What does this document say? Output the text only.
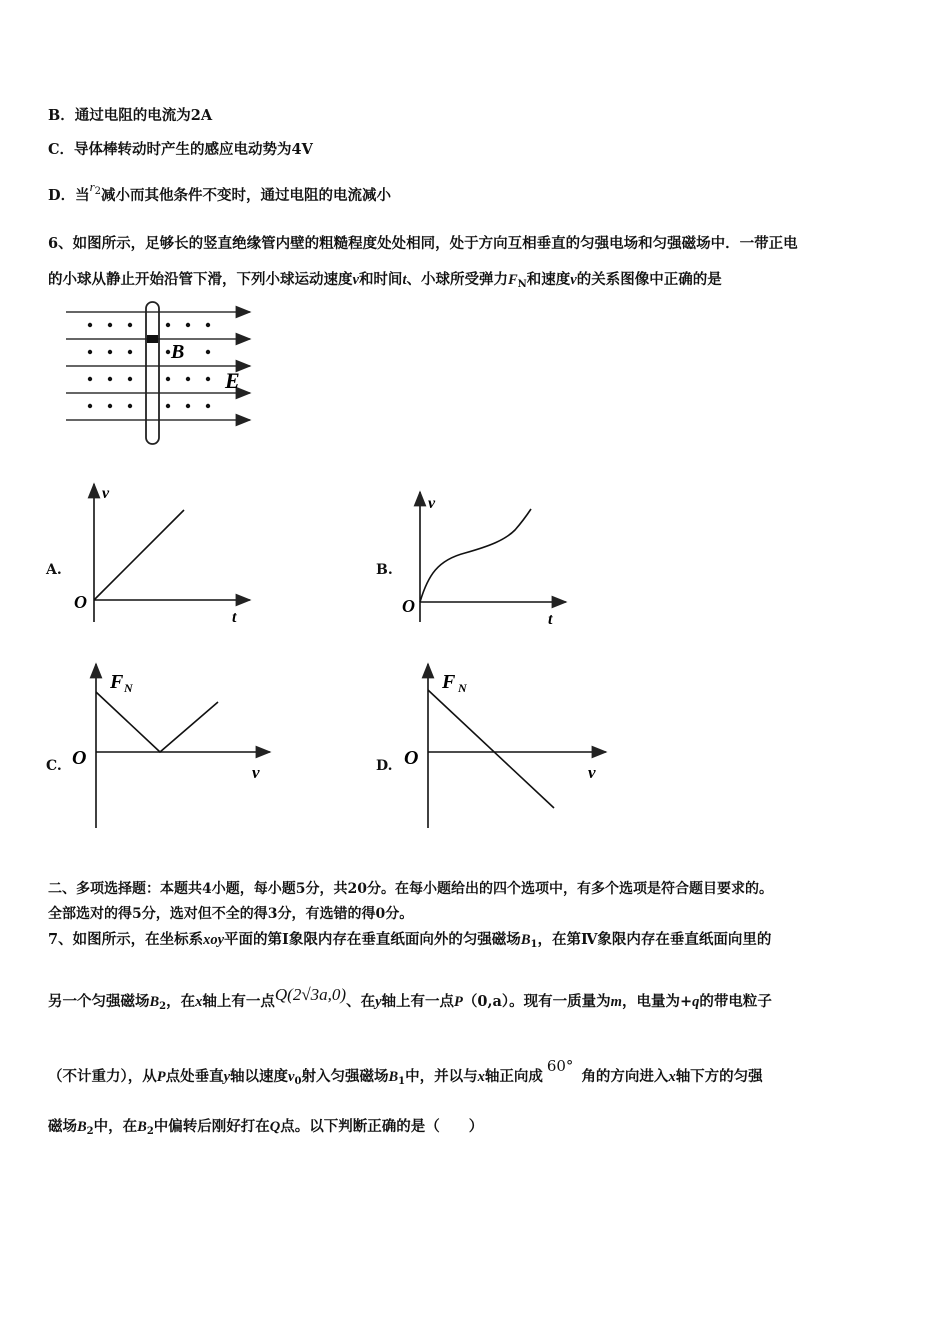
B．通过电阻的电流为2A
C．导体棒转动时产生的感应电动势为4V
D．当$r^2$减小而其他条件不变时，通过电阻的电流减小
6、如图所示，足够长的竖直绝缘管内壁的粗糙程度处处相同，处于方向互相垂直的匀强电场和匀强磁场中．一带正电
的小球从静止开始沿管下滑，下列小球运动速度v和时间t、小球所受弹力$F_N$和速度v的关系图像中正确的是
B
E
v
O
t
v
O
t
F N
O
v
F N
O
v
A.	B.
C.	D.
二、多项选择题：本题共4小题，每小题5分，共20分。在每小题给出的四个选项中，有多个选项是符合题目要求的。
全部选对的得5分，选对但不全的得3分，有选错的得0分。
7、如图所示，在坐标系xoy平面的第Ⅰ象限内存在垂直纸面向外的匀强磁场$B_1$，在第Ⅳ象限内存在垂直纸面向里的
另一个匀强磁场$B_2$，在x轴上有一点Q(2√3a,0)、在y轴上有一点P（0,a）。现有一质量为m，电量为+q的带电粒子
（不计重力），从P点处垂直y轴以速度$v_0$射入匀强磁场$B_1$中，并以与x轴正向成60°角的方向进入x轴下方的匀强
磁场$B_2$中，在$B_2$中偏转后刚好打在Q点。以下判断正确的是（　　）
